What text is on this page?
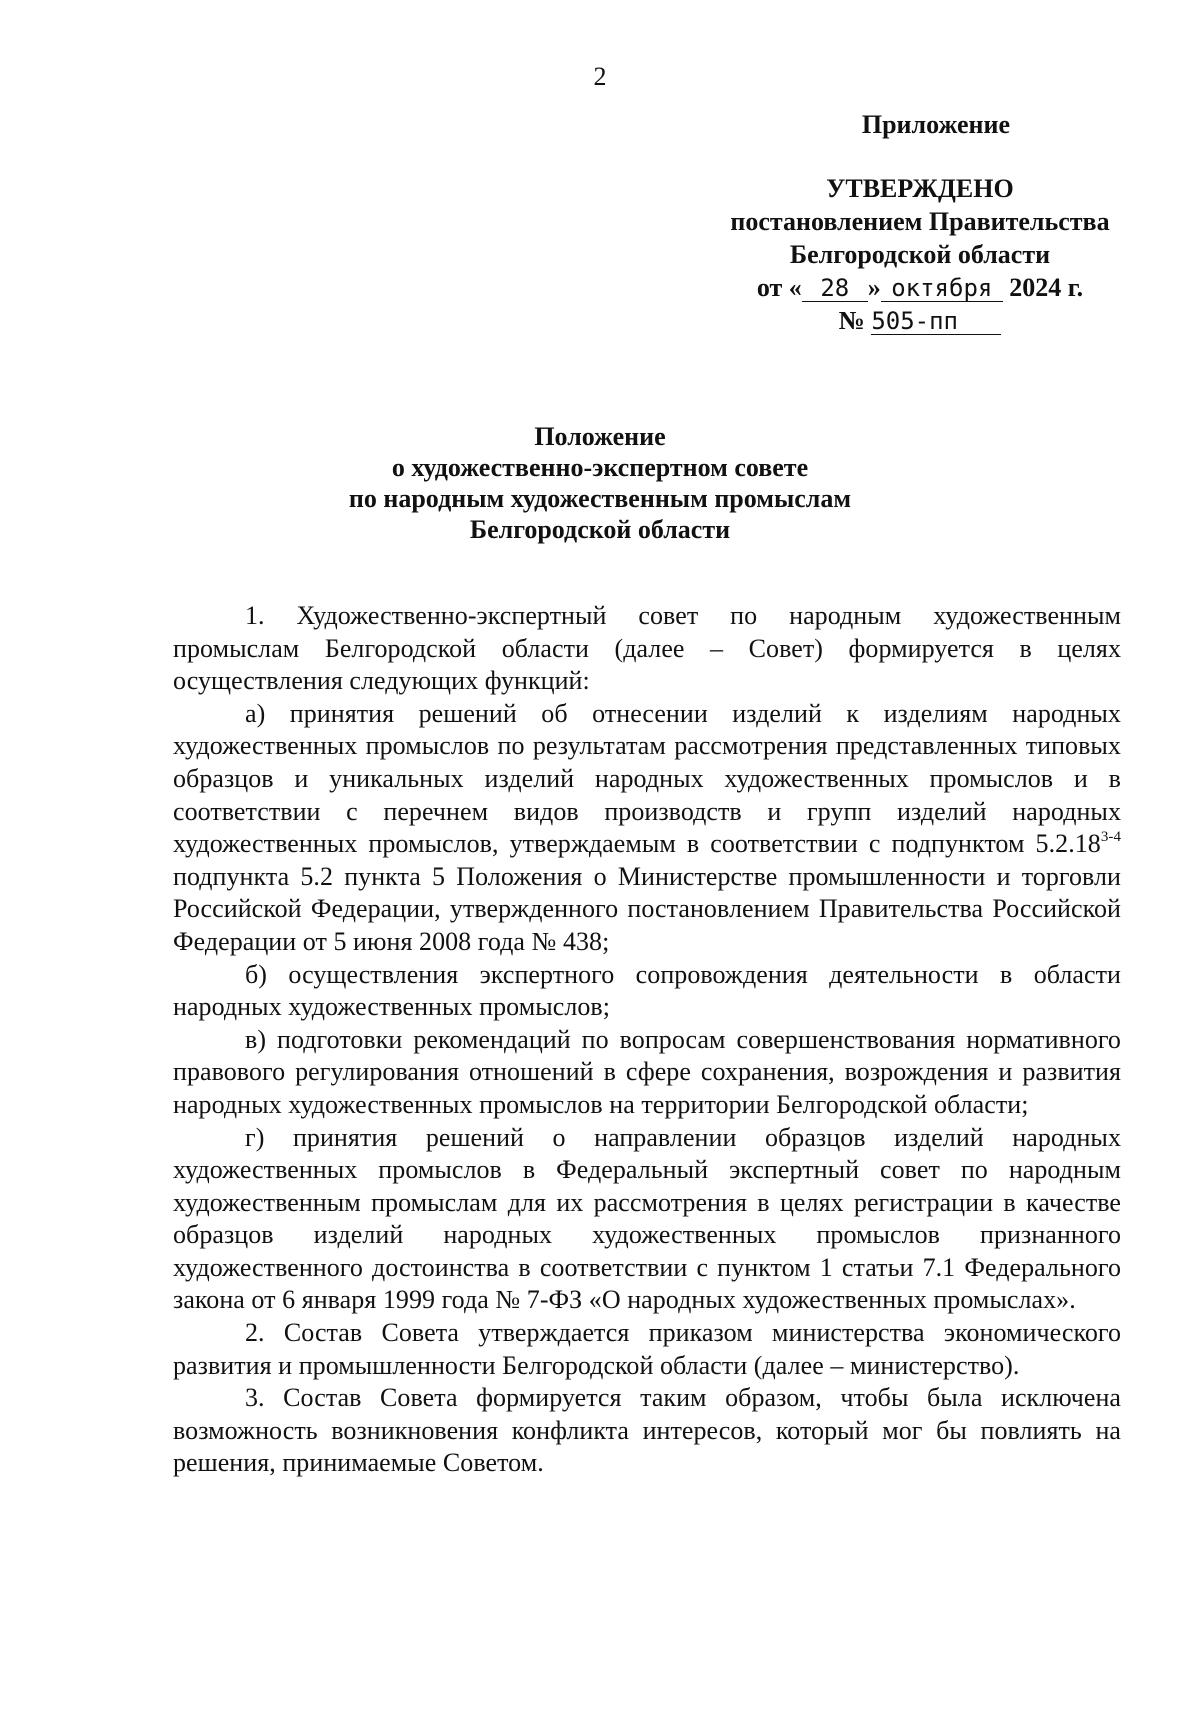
2
Приложение
УТВЕРЖДЕНО
постановлением Правительства
Белгородской области
от « 28 » октября 2024 г.
№ 505-пп
Положение
о художественно-экспертном совете
по народным художественным промыслам
Белгородской области

1. Художественно-экспертный совет по народным художественным промыслам Белгородской области (далее – Совет) формируется в целях осуществления следующих функций:

а) принятия решений об отнесении изделий к изделиям народных художественных промыслов по результатам рассмотрения представленных типовых образцов и уникальных изделий народных художественных промыслов и в соответствии с перечнем видов производств и групп изделий народных художественных промыслов, утверждаемым в соответствии с подпунктом 5.2.18$^{3-4}$ подпункта 5.2 пункта 5 Положения о Министерстве промышленности и торговли Российской Федерации, утвержденного постановлением Правительства Российской Федерации от 5 июня 2008 года № 438;

б) осуществления экспертного сопровождения деятельности в области народных художественных промыслов;

в) подготовки рекомендаций по вопросам совершенствования нормативного правового регулирования отношений в сфере сохранения, возрождения и развития народных художественных промыслов на территории Белгородской области;

г) принятия решений о направлении образцов изделий народных художественных промыслов в Федеральный экспертный совет по народным художественным промыслам для их рассмотрения в целях регистрации в качестве образцов изделий народных художественных промыслов признанного художественного достоинства в соответствии с пунктом 1 статьи 7.1 Федерального закона от 6 января 1999 года № 7-ФЗ «О народных художественных промыслах».

2. Состав Совета утверждается приказом министерства экономического развития и промышленности Белгородской области (далее – министерство).

3. Состав Совета формируется таким образом, чтобы была исключена возможность возникновения конфликта интересов, который мог бы повлиять на решения, принимаемые Советом.
